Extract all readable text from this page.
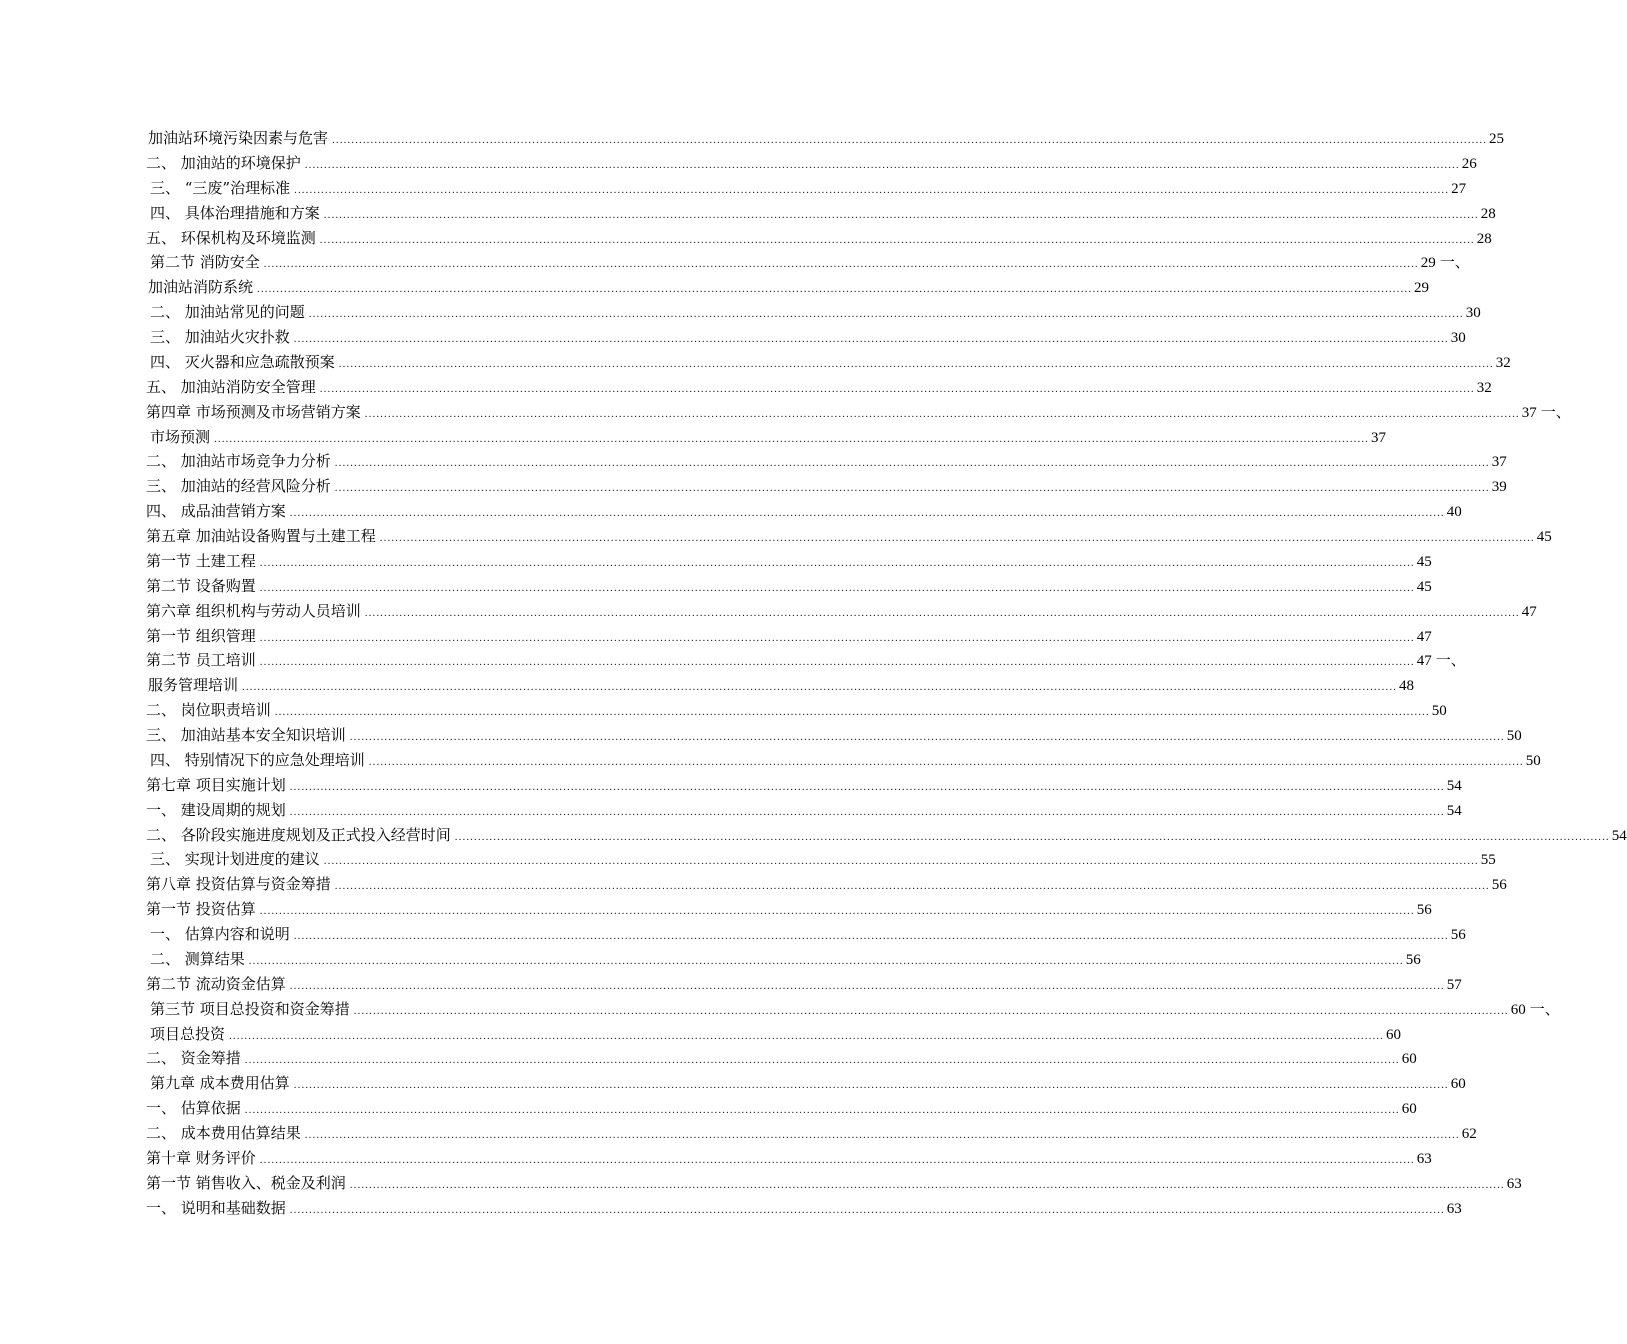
加油站环境污染因素与危害 ............................................................................................................................................................................................................................................................................................................ 25
二、 加油站的环境保护 ............................................................................................................................................................................................................................................................................................................ 26
三、 “三废”治理标准 ............................................................................................................................................................................................................................................................................................................ 27
四、 具体治理措施和方案 ............................................................................................................................................................................................................................................................................................................ 28
五、 环保机构及环境监测 ............................................................................................................................................................................................................................................................................................................ 28
第二节 消防安全 ............................................................................................................................................................................................................................................................................................................ 29 一、
加油站消防系统 ............................................................................................................................................................................................................................................................................................................ 29
二、 加油站常见的问题 ............................................................................................................................................................................................................................................................................................................ 30
三、 加油站火灾扑救 ............................................................................................................................................................................................................................................................................................................ 30
四、 灭火器和应急疏散预案 ............................................................................................................................................................................................................................................................................................................ 32
五、 加油站消防安全管理 ............................................................................................................................................................................................................................................................................................................ 32
第四章 市场预测及市场营销方案 ............................................................................................................................................................................................................................................................................................................ 37 一、
市场预测 ............................................................................................................................................................................................................................................................................................................ 37
二、 加油站市场竞争力分析 ............................................................................................................................................................................................................................................................................................................ 37
三、 加油站的经营风险分析 ............................................................................................................................................................................................................................................................................................................ 39
四、 成品油营销方案 ............................................................................................................................................................................................................................................................................................................ 40
第五章 加油站设备购置与土建工程 ............................................................................................................................................................................................................................................................................................................ 45
第一节 土建工程 ............................................................................................................................................................................................................................................................................................................ 45
第二节 设备购置 ............................................................................................................................................................................................................................................................................................................ 45
第六章 组织机构与劳动人员培训 ............................................................................................................................................................................................................................................................................................................ 47
第一节 组织管理 ............................................................................................................................................................................................................................................................................................................ 47
第二节 员工培训 ............................................................................................................................................................................................................................................................................................................ 47 一、
服务管理培训 ............................................................................................................................................................................................................................................................................................................ 48
二、 岗位职责培训 ............................................................................................................................................................................................................................................................................................................ 50
三、 加油站基本安全知识培训 ............................................................................................................................................................................................................................................................................................................ 50
四、 特别情况下的应急处理培训 ............................................................................................................................................................................................................................................................................................................ 50
第七章 项目实施计划 ............................................................................................................................................................................................................................................................................................................ 54
一、 建设周期的规划 ............................................................................................................................................................................................................................................................................................................ 54
二、 各阶段实施进度规划及正式投入经营时间 ............................................................................................................................................................................................................................................................................................................ 54
三、 实现计划进度的建议 ............................................................................................................................................................................................................................................................................................................ 55
第八章 投资估算与资金筹措 ............................................................................................................................................................................................................................................................................................................ 56
第一节 投资估算 ............................................................................................................................................................................................................................................................................................................ 56
一、 估算内容和说明 ............................................................................................................................................................................................................................................................................................................ 56
二、 测算结果 ............................................................................................................................................................................................................................................................................................................ 56
第二节 流动资金估算 ............................................................................................................................................................................................................................................................................................................ 57
第三节 项目总投资和资金筹措 ............................................................................................................................................................................................................................................................................................................ 60 一、
项目总投资 ............................................................................................................................................................................................................................................................................................................ 60
二、 资金筹措 ............................................................................................................................................................................................................................................................................................................ 60
第九章 成本费用估算 ............................................................................................................................................................................................................................................................................................................ 60
一、 估算依据 ............................................................................................................................................................................................................................................................................................................ 60
二、 成本费用估算结果 ............................................................................................................................................................................................................................................................................................................ 62
第十章 财务评价 ............................................................................................................................................................................................................................................................................................................ 63
第一节 销售收入、税金及利润 ............................................................................................................................................................................................................................................................................................................ 63
一、 说明和基础数据 ............................................................................................................................................................................................................................................................................................................ 63
